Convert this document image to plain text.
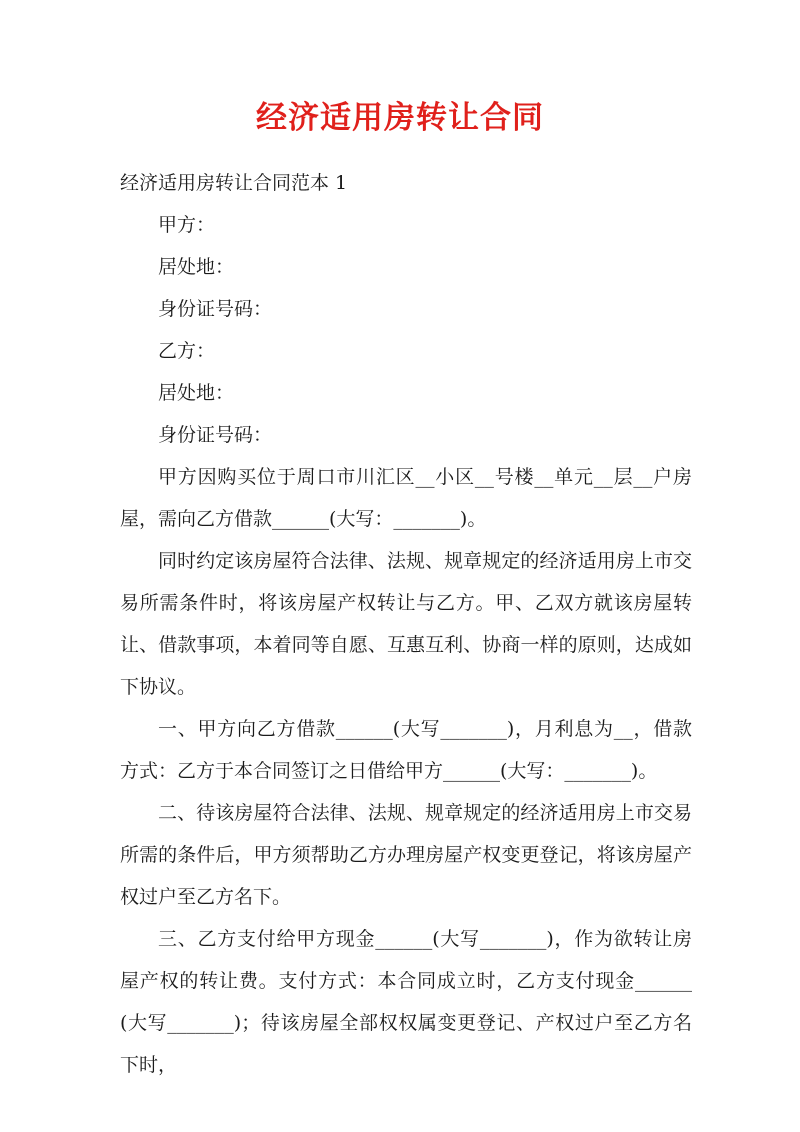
经济适用房转让合同
经济适用房转让合同范本 1
甲方：
居处地：
身份证号码：
乙方：
居处地：
身份证号码：

甲方因购买位于周口市川汇区__小区__号楼__单元__层__户房屋，需向乙方借款______(大写：_______)。

同时约定该房屋符合法律、法规、规章规定的经济适用房上市交易所需条件时，将该房屋产权转让与乙方。甲、乙双方就该房屋转让、借款事项，本着同等自愿、互惠互利、协商一样的原则，达成如下协议。

一、甲方向乙方借款______(大写_______)，月利息为__，借款方式：乙方于本合同签订之日借给甲方______(大写：_______)。

二、待该房屋符合法律、法规、规章规定的经济适用房上市交易所需的条件后，甲方须帮助乙方办理房屋产权变更登记，将该房屋产权过户至乙方名下。

三、乙方支付给甲方现金______(大写_______)，作为欲转让房屋产权的转让费。支付方式：本合同成立时，乙方支付现金______(大写_______)；待该房屋全部权权属变更登记、产权过户至乙方名下时，
